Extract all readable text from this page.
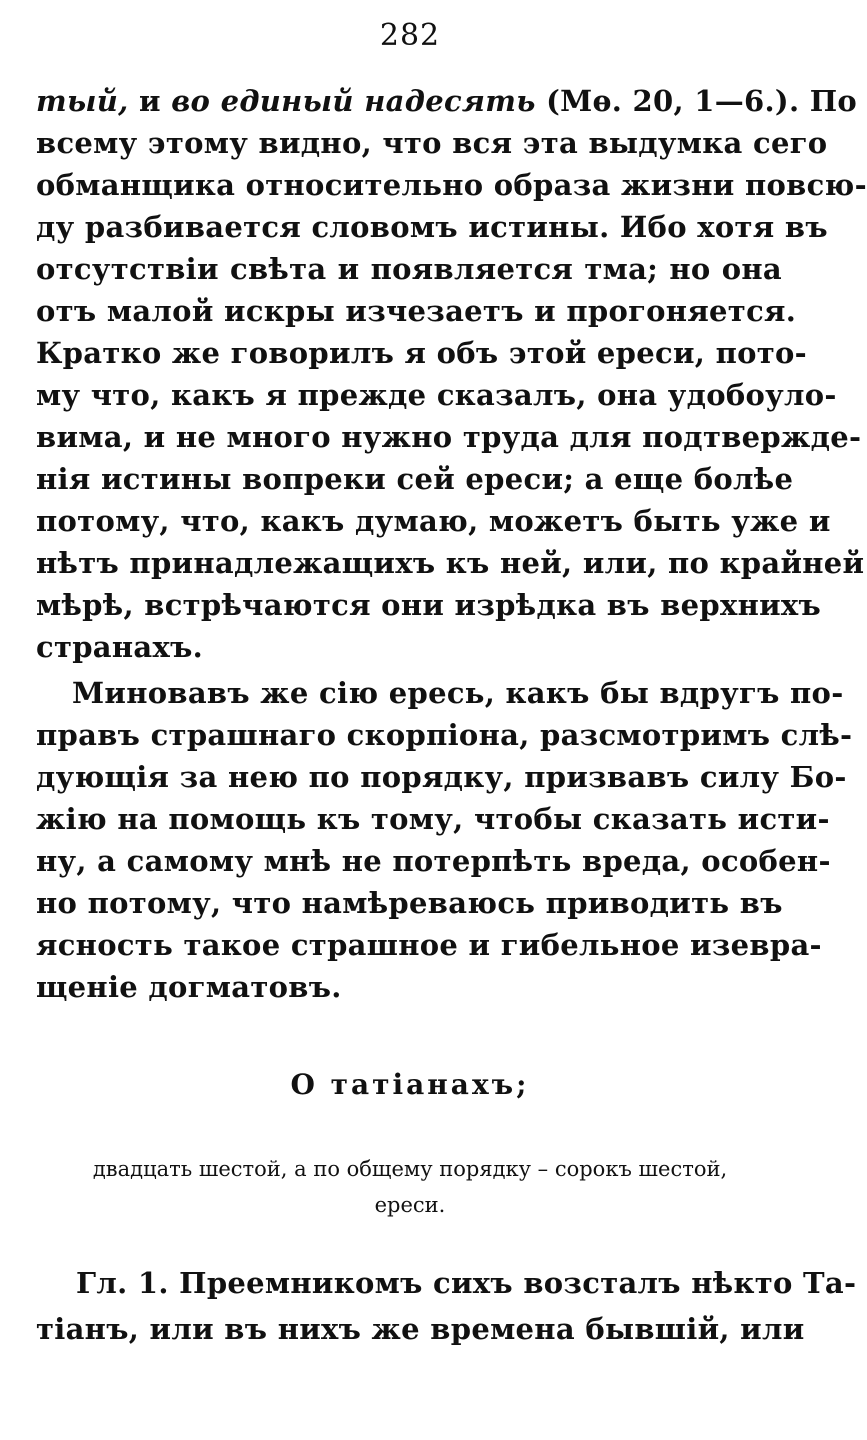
282
тый, и во единый надесять (Мѳ. 20, 1—6.). По
всему этому видно, что вся эта выдумка сего
обманщика относительно образа жизни повсю-
ду разбивается словомъ истины. Ибо хотя въ
отсутствіи свѣта и появляется тма; но она
отъ малой искры изчезаетъ и прогоняется.
Кратко же говорилъ я объ этой ереси, пото-
му что, какъ я прежде сказалъ, она удобоуло-
вима, и не много нужно труда для подтвержде-
нія истины вопреки сей ереси; а еще болѣе
потому, что, какъ думаю, можетъ быть уже и
нѣтъ принадлежащихъ къ ней, или, по крайней
мѣрѣ, встрѣчаются они изрѣдка въ верхнихъ
странахъ.
Миновавъ же сію ересь, какъ бы вдругъ по-
правъ страшнаго скорпіона, разсмотримъ слѣ-
дующія за нею по порядку, призвавъ силу Бо-
жію на помощь къ тому, чтобы сказать исти-
ну, а самому мнѣ не потерпѣть вреда, особен-
но потому, что намѣреваюсь приводить въ
ясность такое страшное и гибельное изевра-
щеніе догматовъ.
О татіанахъ;
двадцать шестой, а по общему порядку – сорокъ шестой,
ереси.
Гл. 1. Преемникомъ сихъ возсталъ нѣкто Та-
тіанъ, или въ нихъ же времена бывшій, или
